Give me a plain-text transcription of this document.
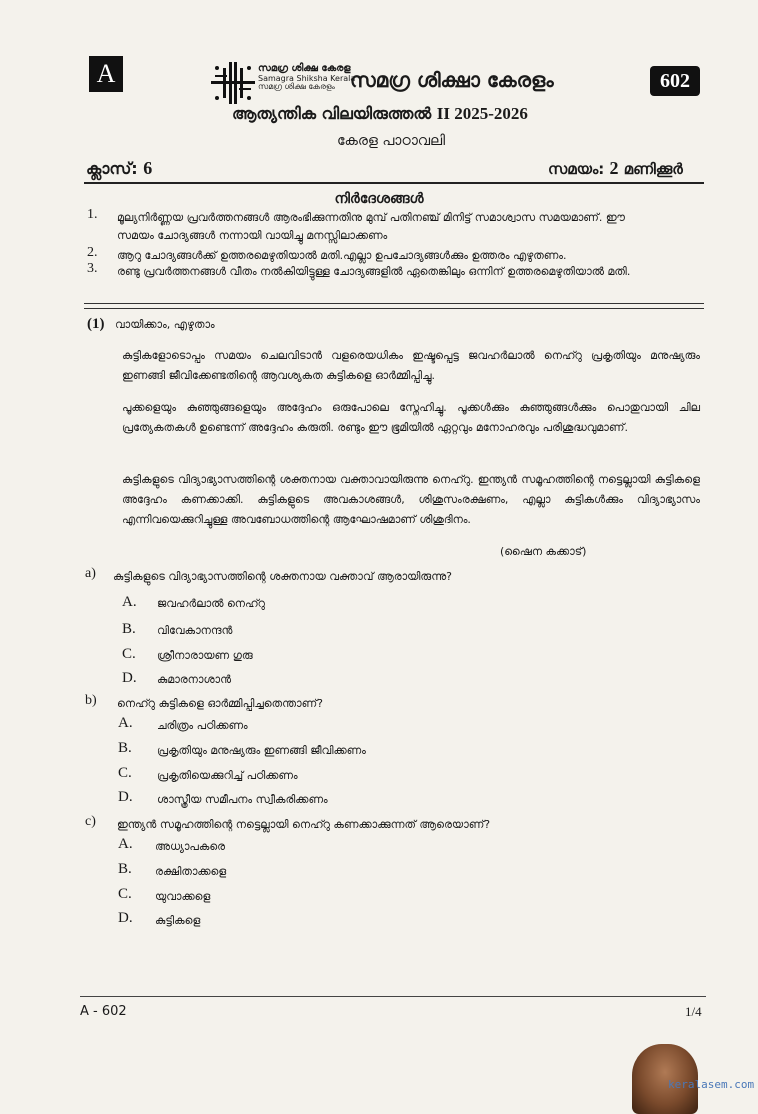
A	സമഗ്ര ശിക്ഷ കേരള
Samagra Shiksha Kerala
സമഗ്ര ശിക്ഷ കേരളം സമഗ്ര ശിക്ഷാ കേരളം	602
ആത്യന്തിക വിലയിരുത്തൽ II 2025-2026
കേരള പാഠാവലി
ക്ലാസ്: 6	സമയം: 2 മണിക്കൂർ
നിർദേശങ്ങൾ
1. മൂല്യനിർണ്ണയ പ്രവർത്തനങ്ങൾ ആരംഭിക്കുന്നതിനു മുമ്പ് പതിനഞ്ച് മിനിട്ട് സമാശ്വാസ സമയമാണ്. ഈ സമയം ചോദ്യങ്ങൾ നന്നായി വായിച്ചു മനസ്സിലാക്കണം
2. ആറു ചോദ്യങ്ങൾക്ക് ഉത്തരമെഴുതിയാൽ മതി.എല്ലാ ഉപചോദ്യങ്ങൾക്കും ഉത്തരം എഴുതണം.
3. രണ്ടു പ്രവർത്തനങ്ങൾ വീതം നൽകിയിട്ടുള്ള ചോദ്യങ്ങളിൽ ഏതെങ്കിലും ഒന്നിന് ഉത്തരമെഴുതിയാൽ മതി.
(1) വായിക്കാം, എഴുതാം
കുട്ടികളോടൊപ്പം സമയം ചെലവിടാൻ വളരെയധികം ഇഷ്ടപ്പെട്ട ജവഹർലാൽ നെഹ്റു പ്രകൃതിയും മനുഷ്യരും ഇണങ്ങി ജീവിക്കേണ്ടതിന്റെ ആവശ്യകത കുട്ടികളെ ഓർമ്മിപ്പിച്ചു.
പൂക്കളെയും കുഞ്ഞുങ്ങളെയും അദ്ദേഹം ഒരുപോലെ സ്നേഹിച്ചു. പൂക്കൾക്കും കുഞ്ഞുങ്ങൾക്കും പൊതുവായി ചില പ്രത്യേകതകൾ ഉണ്ടെന്ന് അദ്ദേഹം കരുതി. രണ്ടും ഈ ഭൂമിയിൽ ഏറ്റവും മനോഹരവും പരിശുദ്ധവുമാണ്.
കുട്ടികളുടെ വിദ്യാഭ്യാസത്തിന്റെ ശക്തനായ വക്താവായിരുന്നു നെഹ്റു. ഇന്ത്യൻ സമൂഹത്തിന്റെ നട്ടെല്ലായി കുട്ടികളെ അദ്ദേഹം കണക്കാക്കി. കുട്ടികളുടെ അവകാശങ്ങൾ, ശിശുസംരക്ഷണം, എല്ലാ കുട്ടികൾക്കും വിദ്യാഭ്യാസം എന്നിവയെക്കുറിച്ചുള്ള അവബോധത്തിന്റെ ആഘോഷമാണ് ശിശുദിനം.
(ഷൈന കക്കാട്)
a) കുട്ടികളുടെ വിദ്യാഭ്യാസത്തിന്റെ ശക്തനായ വക്താവ് ആരായിരുന്നു?
A. ജവഹർലാൽ നെഹ്റു
B. വിവേകാനന്ദൻ
C. ശ്രീനാരായണ ഗുരു
D. കുമാരനാശാൻ
b) നെഹ്റു കുട്ടികളെ ഓർമ്മിപ്പിച്ചതെന്താണ്?
A. ചരിത്രം പഠിക്കണം
B. പ്രകൃതിയും മനുഷ്യരും ഇണങ്ങി ജീവിക്കണം
C. പ്രകൃതിയെക്കുറിച്ച് പഠിക്കണം
D. ശാസ്ത്രീയ സമീപനം സ്വീകരിക്കണം
c) ഇന്ത്യൻ സമൂഹത്തിന്റെ നട്ടെല്ലായി നെഹ്റു കണക്കാക്കുന്നത് ആരെയാണ്?
A. അധ്യാപകരെ
B. രക്ഷിതാക്കളെ
C. യുവാക്കളെ
D. കുട്ടികളെ
A - 602	1/4
keralasem.com
